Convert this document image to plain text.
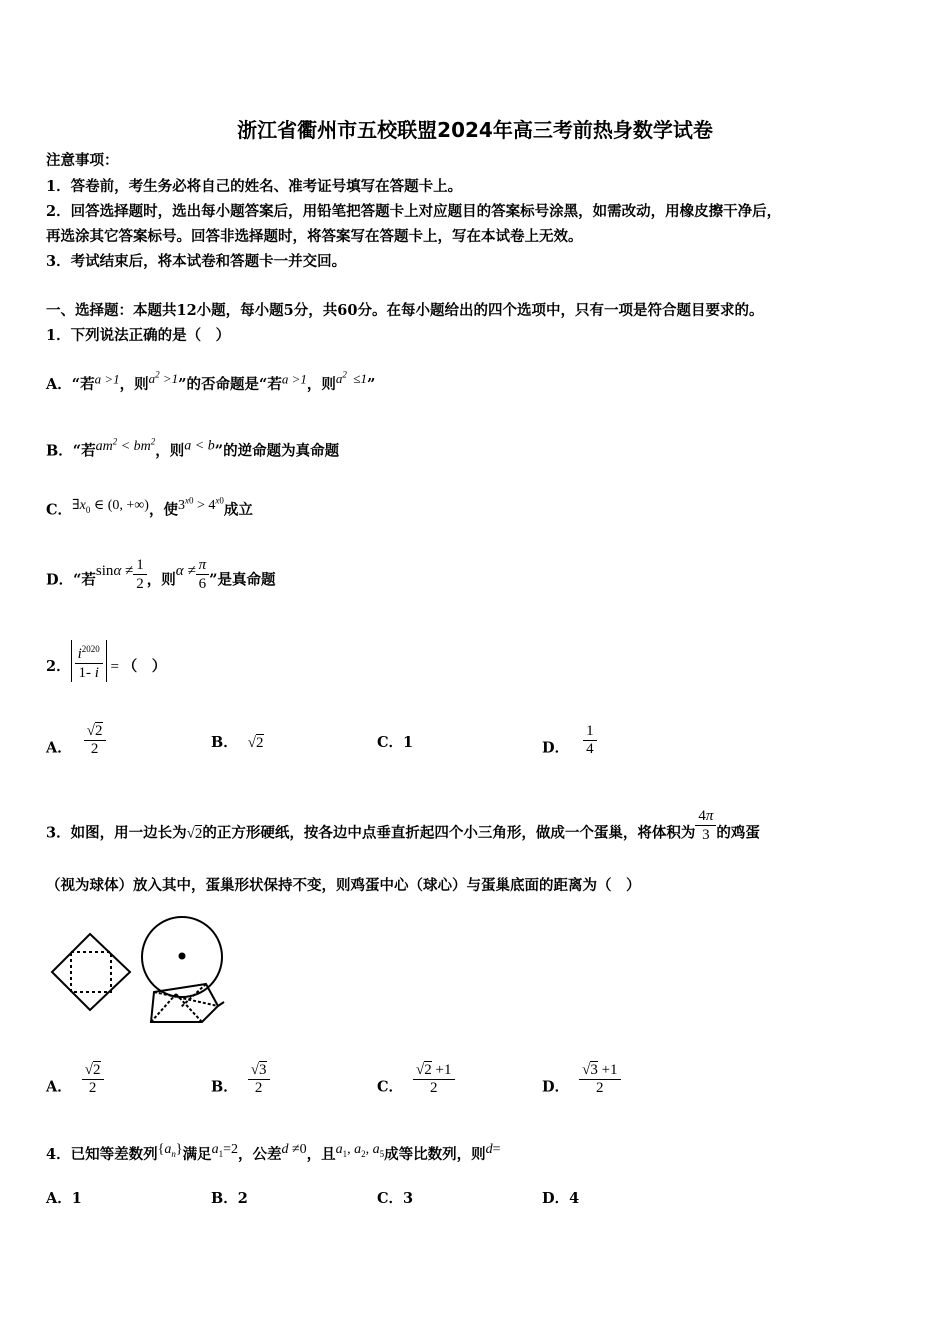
浙江省衢州市五校联盟2024年高三考前热身数学试卷
注意事项：
1．答卷前，考生务必将自己的姓名、准考证号填写在答题卡上。
2．回答选择题时，选出每小题答案后，用铅笔把答题卡上对应题目的答案标号涂黑，如需改动，用橡皮擦干净后，
再选涂其它答案标号。回答非选择题时，将答案写在答题卡上，写在本试卷上无效。
3．考试结束后，将本试卷和答题卡一并交回。
一、选择题：本题共12小题，每小题5分，共60分。在每小题给出的四个选项中，只有一项是符合题目要求的。
1．下列说法正确的是（　）
A．“若$^{a >1}$，则$^{a^2 >1}$”的否命题是“若$^{a >1}$，则$^{a^2 \le 1}$”
B．“若$^{am^2 < bm^2}$，则$^{a < b}$”的逆命题为真命题
C．$^{\exists x_0 \in (0, +\infty)}$，使$^{3^{x0} > 4^{x0}}$成立
D．“若$\sin\alpha \ne \frac{1}{2}$ ，则$\alpha \ne \frac{\pi}{6}$ ”是真命题
2． $\frac{i^{2020}}{1- i}$ = （　）
A． $\frac{√2}{2}$	B． √2	C．1	D． $\frac{1}{4}$
3．如图，用一边长为√2的正方形硬纸，按各边中点垂直折起四个小三角形，做成一个蛋巢，将体积为 $\frac{4\pi}{3}$ 的鸡蛋
（视为球体）放入其中，蛋巢形状保持不变，则鸡蛋中心（球心）与蛋巢底面的距离为（　）
A． $\frac{√2}{2}$	B． $\frac{√3}{2}$	C． $\frac{√2 +1}{2}$	D． $\frac{√3 +1}{2}$
4．已知等差数列$^{\{a_n\}}$满足$^{a_1=2}$，公差$^{d \ne 0}$，且$^{a_1, a_2, a_5}$成等比数列，则$^{d=}$
A．1	B．2	C．3	D．4
